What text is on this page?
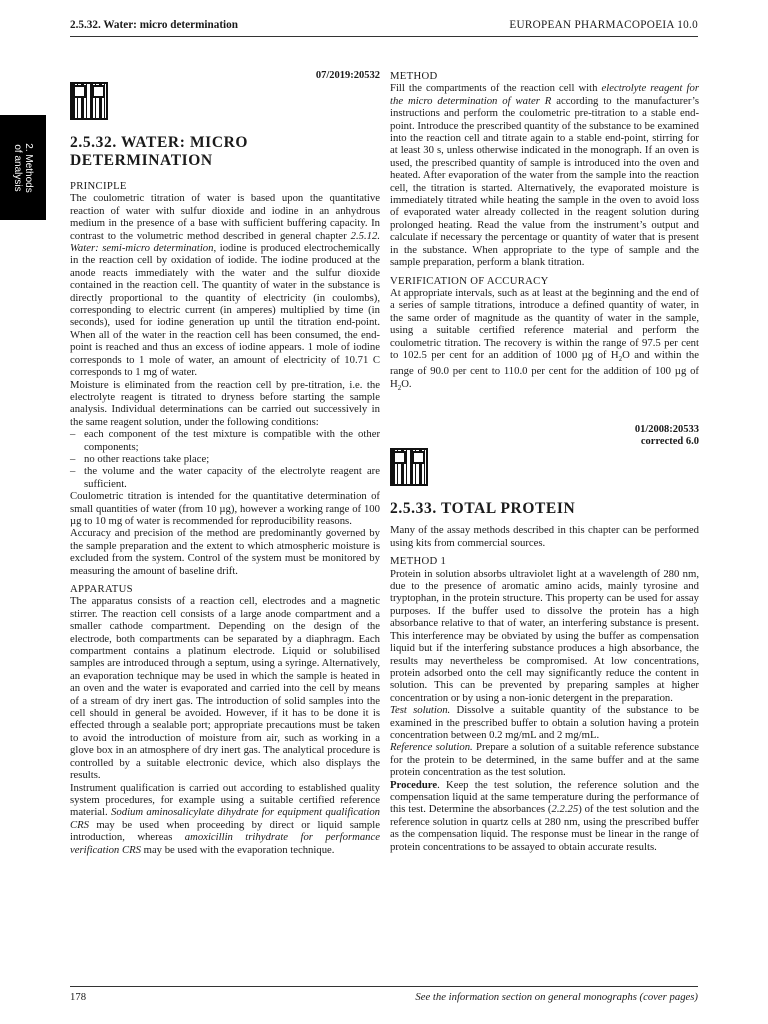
2.5.32. Water: micro determination	EUROPEAN PHARMACOPOEIA 10.0
2. Methods
of analysis
07/2019:20532
2.5.32. WATER: MICRO DETERMINATION
PRINCIPLE

The coulometric titration of water is based upon the quantitative reaction of water with sulfur dioxide and iodine in an anhydrous medium in the presence of a base with sufficient buffering capacity. In contrast to the volumetric method described in general chapter 2.5.12. Water: semi-micro determination, iodine is produced electrochemically in the reaction cell by oxidation of iodide. The iodine produced at the anode reacts immediately with the water and the sulfur dioxide contained in the reaction cell. The quantity of water in the substance is directly proportional to the quantity of electricity (in coulombs), corresponding to electric current (in amperes) multiplied by time (in seconds), used for iodine generation up until the titration end-point. When all of the water in the reaction cell has been consumed, the end-point is reached and thus an excess of iodine appears. 1 mole of iodine corresponds to 1 mole of water, an amount of electricity of 10.71 C corresponds to 1 mg of water.

Moisture is eliminated from the reaction cell by pre-titration, i.e. the electrolyte reagent is titrated to dryness before starting the sample analysis. Individual determinations can be carried out successively in the same reagent solution, under the following conditions:

– each component of the test mixture is compatible with the other components;
– no other reactions take place;
– the volume and the water capacity of the electrolyte reagent are sufficient.

Coulometric titration is intended for the quantitative determination of small quantities of water (from 10 µg), however a working range of 100 µg to 10 mg of water is recommended for reproducibility reasons.

Accuracy and precision of the method are predominantly governed by the sample preparation and the extent to which atmospheric moisture is excluded from the system. Control of the system must be monitored by measuring the amount of baseline drift.

APPARATUS

The apparatus consists of a reaction cell, electrodes and a magnetic stirrer. The reaction cell consists of a large anode compartment and a smaller cathode compartment. Depending on the design of the electrode, both compartments can be separated by a diaphragm. Each compartment contains a platinum electrode. Liquid or solubilised samples are introduced through a septum, using a syringe. Alternatively, an evaporation technique may be used in which the sample is heated in an oven and the water is evaporated and carried into the cell by means of a stream of dry inert gas. The introduction of solid samples into the cell should in general be avoided. However, if it has to be done it is effected through a sealable port; appropriate precautions must be taken to avoid the introduction of moisture from air, such as working in a glove box in an atmosphere of dry inert gas. The analytical procedure is controlled by a suitable electronic device, which also displays the results.

Instrument qualification is carried out according to established quality system procedures, for example using a suitable certified reference material. Sodium aminosalicylate dihydrate for equipment qualification CRS may be used when proceeding by direct or liquid sample introduction, whereas amoxicillin trihydrate for performance verification CRS may be used with the evaporation technique.

METHOD

Fill the compartments of the reaction cell with electrolyte reagent for the micro determination of water R according to the manufacturer’s instructions and perform the coulometric pre-titration to a stable end-point. Introduce the prescribed quantity of the substance to be examined into the reaction cell and titrate again to a stable end-point, stirring for at least 30 s, unless otherwise indicated in the monograph. If an oven is used, the prescribed quantity of sample is introduced into the oven and heated. After evaporation of the water from the sample into the reaction cell, the titration is started. Alternatively, the evaporated moisture is immediately titrated while heating the sample in the oven to avoid loss of evaporated water already collected in the reagent solution during prolonged heating. Read the value from the instrument’s output and calculate if necessary the percentage or quantity of water that is present in the substance. When appropriate to the type of sample and the sample preparation, perform a blank titration.

VERIFICATION OF ACCURACY

At appropriate intervals, such as at least at the beginning and the end of a series of sample titrations, introduce a defined quantity of water, in the same order of magnitude as the quantity of water in the sample, using a suitable certified reference material and perform the coulometric titration. The recovery is within the range of 97.5 per cent to 102.5 per cent for an addition of 1000 µg of $H_2O$ and within the range of 90.0 per cent to 110.0 per cent for the addition of 100 µg of $H_2O$.

01/2008:20533
corrected 6.0
2.5.33. TOTAL PROTEIN

Many of the assay methods described in this chapter can be performed using kits from commercial sources.

METHOD 1

Protein in solution absorbs ultraviolet light at a wavelength of 280 nm, due to the presence of aromatic amino acids, mainly tyrosine and tryptophan, in the protein structure. This property can be used for assay purposes. If the buffer used to dissolve the protein has a high absorbance relative to that of water, an interfering substance is present. This interference may be obviated by using the buffer as compensation liquid but if the interfering substance produces a high absorbance, the results may nevertheless be compromised. At low concentrations, protein adsorbed onto the cell may significantly reduce the content in solution. This can be prevented by preparing samples at higher concentration or by using a non-ionic detergent in the preparation.

Test solution. Dissolve a suitable quantity of the substance to be examined in the prescribed buffer to obtain a solution having a protein concentration between 0.2 mg/mL and 2 mg/mL.

Reference solution. Prepare a solution of a suitable reference substance for the protein to be determined, in the same buffer and at the same protein concentration as the test solution.

Procedure. Keep the test solution, the reference solution and the compensation liquid at the same temperature during the performance of this test. Determine the absorbances (2.2.25) of the test solution and the reference solution in quartz cells at 280 nm, using the prescribed buffer as the compensation liquid. The response must be linear in the range of protein concentrations to be assayed to obtain accurate results.

178	See the information section on general monographs (cover pages)
